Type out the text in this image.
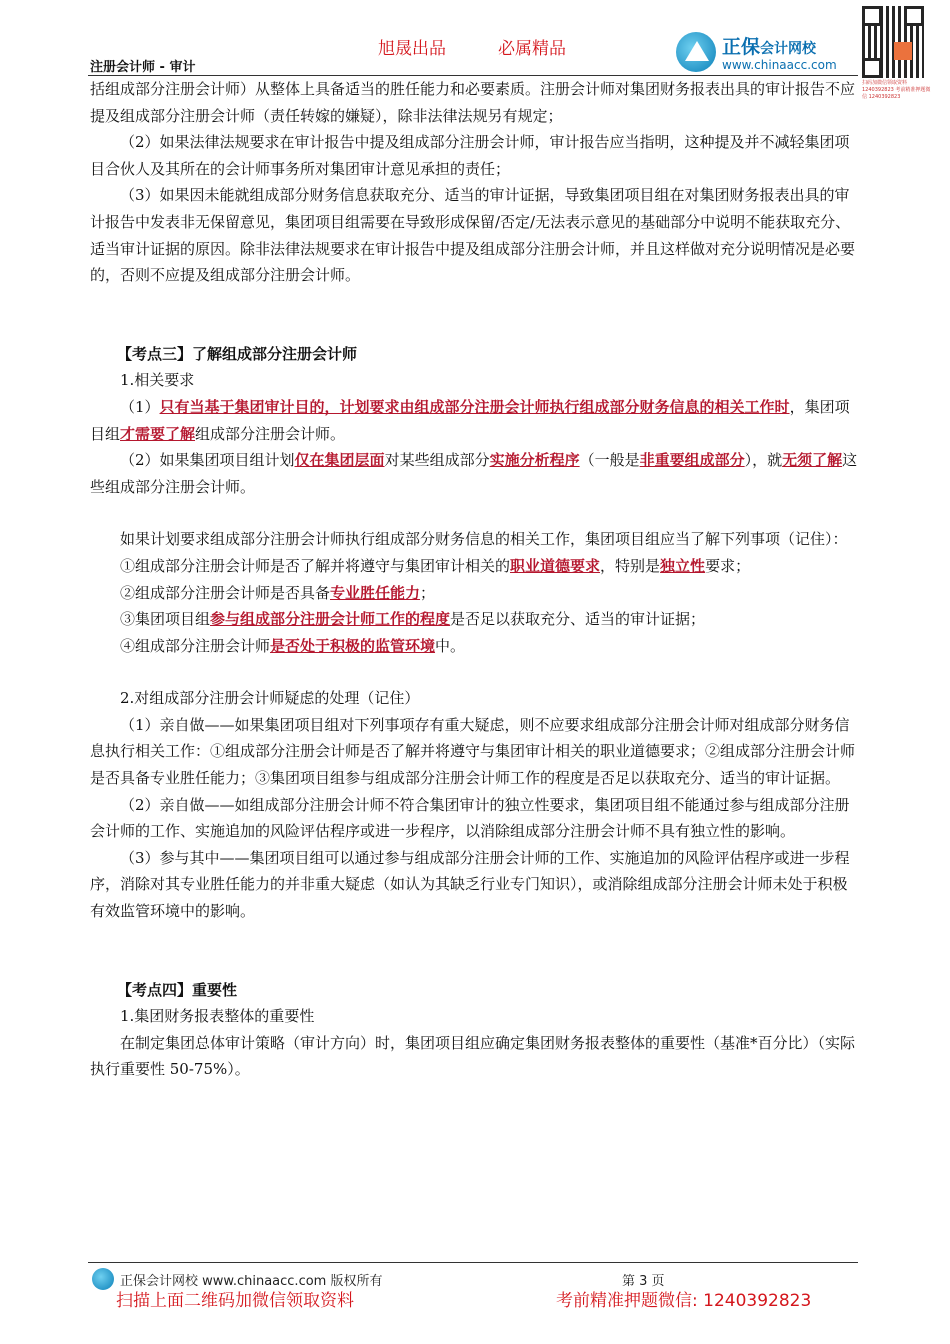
旭晟出品	必属精品
注册会计师 - 审计
正保会计网校
www.chinaacc.com
扫码加微信领取资料 1240392823 考前精准押题微信 1240392823

括组成部分注册会计师）从整体上具备适当的胜任能力和必要素质。注册会计师对集团财务报表出具的审计报告不应提及组成部分注册会计师（责任转嫁的嫌疑），除非法律法规另有规定；

（2）如果法律法规要求在审计报告中提及组成部分注册会计师，审计报告应当指明，这种提及并不减轻集团项目合伙人及其所在的会计师事务所对集团审计意见承担的责任；

（3）如果因未能就组成部分财务信息获取充分、适当的审计证据，导致集团项目组在对集团财务报表出具的审计报告中发表非无保留意见，集团项目组需要在导致形成保留/否定/无法表示意见的基础部分中说明不能获取充分、适当审计证据的原因。除非法律法规要求在审计报告中提及组成部分注册会计师，并且这样做对充分说明情况是必要的，否则不应提及组成部分注册会计师。

【考点三】了解组成部分注册会计师

1.相关要求

（1）只有当基于集团审计目的，计划要求由组成部分注册会计师执行组成部分财务信息的相关工作时，集团项目组才需要了解组成部分注册会计师。

（2）如果集团项目组计划仅在集团层面对某些组成部分实施分析程序（一般是非重要组成部分），就无须了解这些组成部分注册会计师。

如果计划要求组成部分注册会计师执行组成部分财务信息的相关工作，集团项目组应当了解下列事项（记住）：

①组成部分注册会计师是否了解并将遵守与集团审计相关的职业道德要求，特别是独立性要求；

②组成部分注册会计师是否具备专业胜任能力；

③集团项目组参与组成部分注册会计师工作的程度是否足以获取充分、适当的审计证据；

④组成部分注册会计师是否处于积极的监管环境中。

2.对组成部分注册会计师疑虑的处理（记住）

（1）亲自做——如果集团项目组对下列事项存有重大疑虑，则不应要求组成部分注册会计师对组成部分财务信息执行相关工作：①组成部分注册会计师是否了解并将遵守与集团审计相关的职业道德要求；②组成部分注册会计师是否具备专业胜任能力；③集团项目组参与组成部分注册会计师工作的程度是否足以获取充分、适当的审计证据。

（2）亲自做——如组成部分注册会计师不符合集团审计的独立性要求，集团项目组不能通过参与组成部分注册会计师的工作、实施追加的风险评估程序或进一步程序，以消除组成部分注册会计师不具有独立性的影响。

（3）参与其中——集团项目组可以通过参与组成部分注册会计师的工作、实施追加的风险评估程序或进一步程序，消除对其专业胜任能力的并非重大疑虑（如认为其缺乏行业专门知识），或消除组成部分注册会计师未处于积极有效监管环境中的影响。

【考点四】重要性

1.集团财务报表整体的重要性

在制定集团总体审计策略（审计方向）时，集团项目组应确定集团财务报表整体的重要性（基准*百分比）（实际执行重要性 50-75%）。

正保会计网校 www.chinaacc.com 版权所有	第 3 页
扫描上面二维码加微信领取资料	考前精准押题微信: 1240392823
